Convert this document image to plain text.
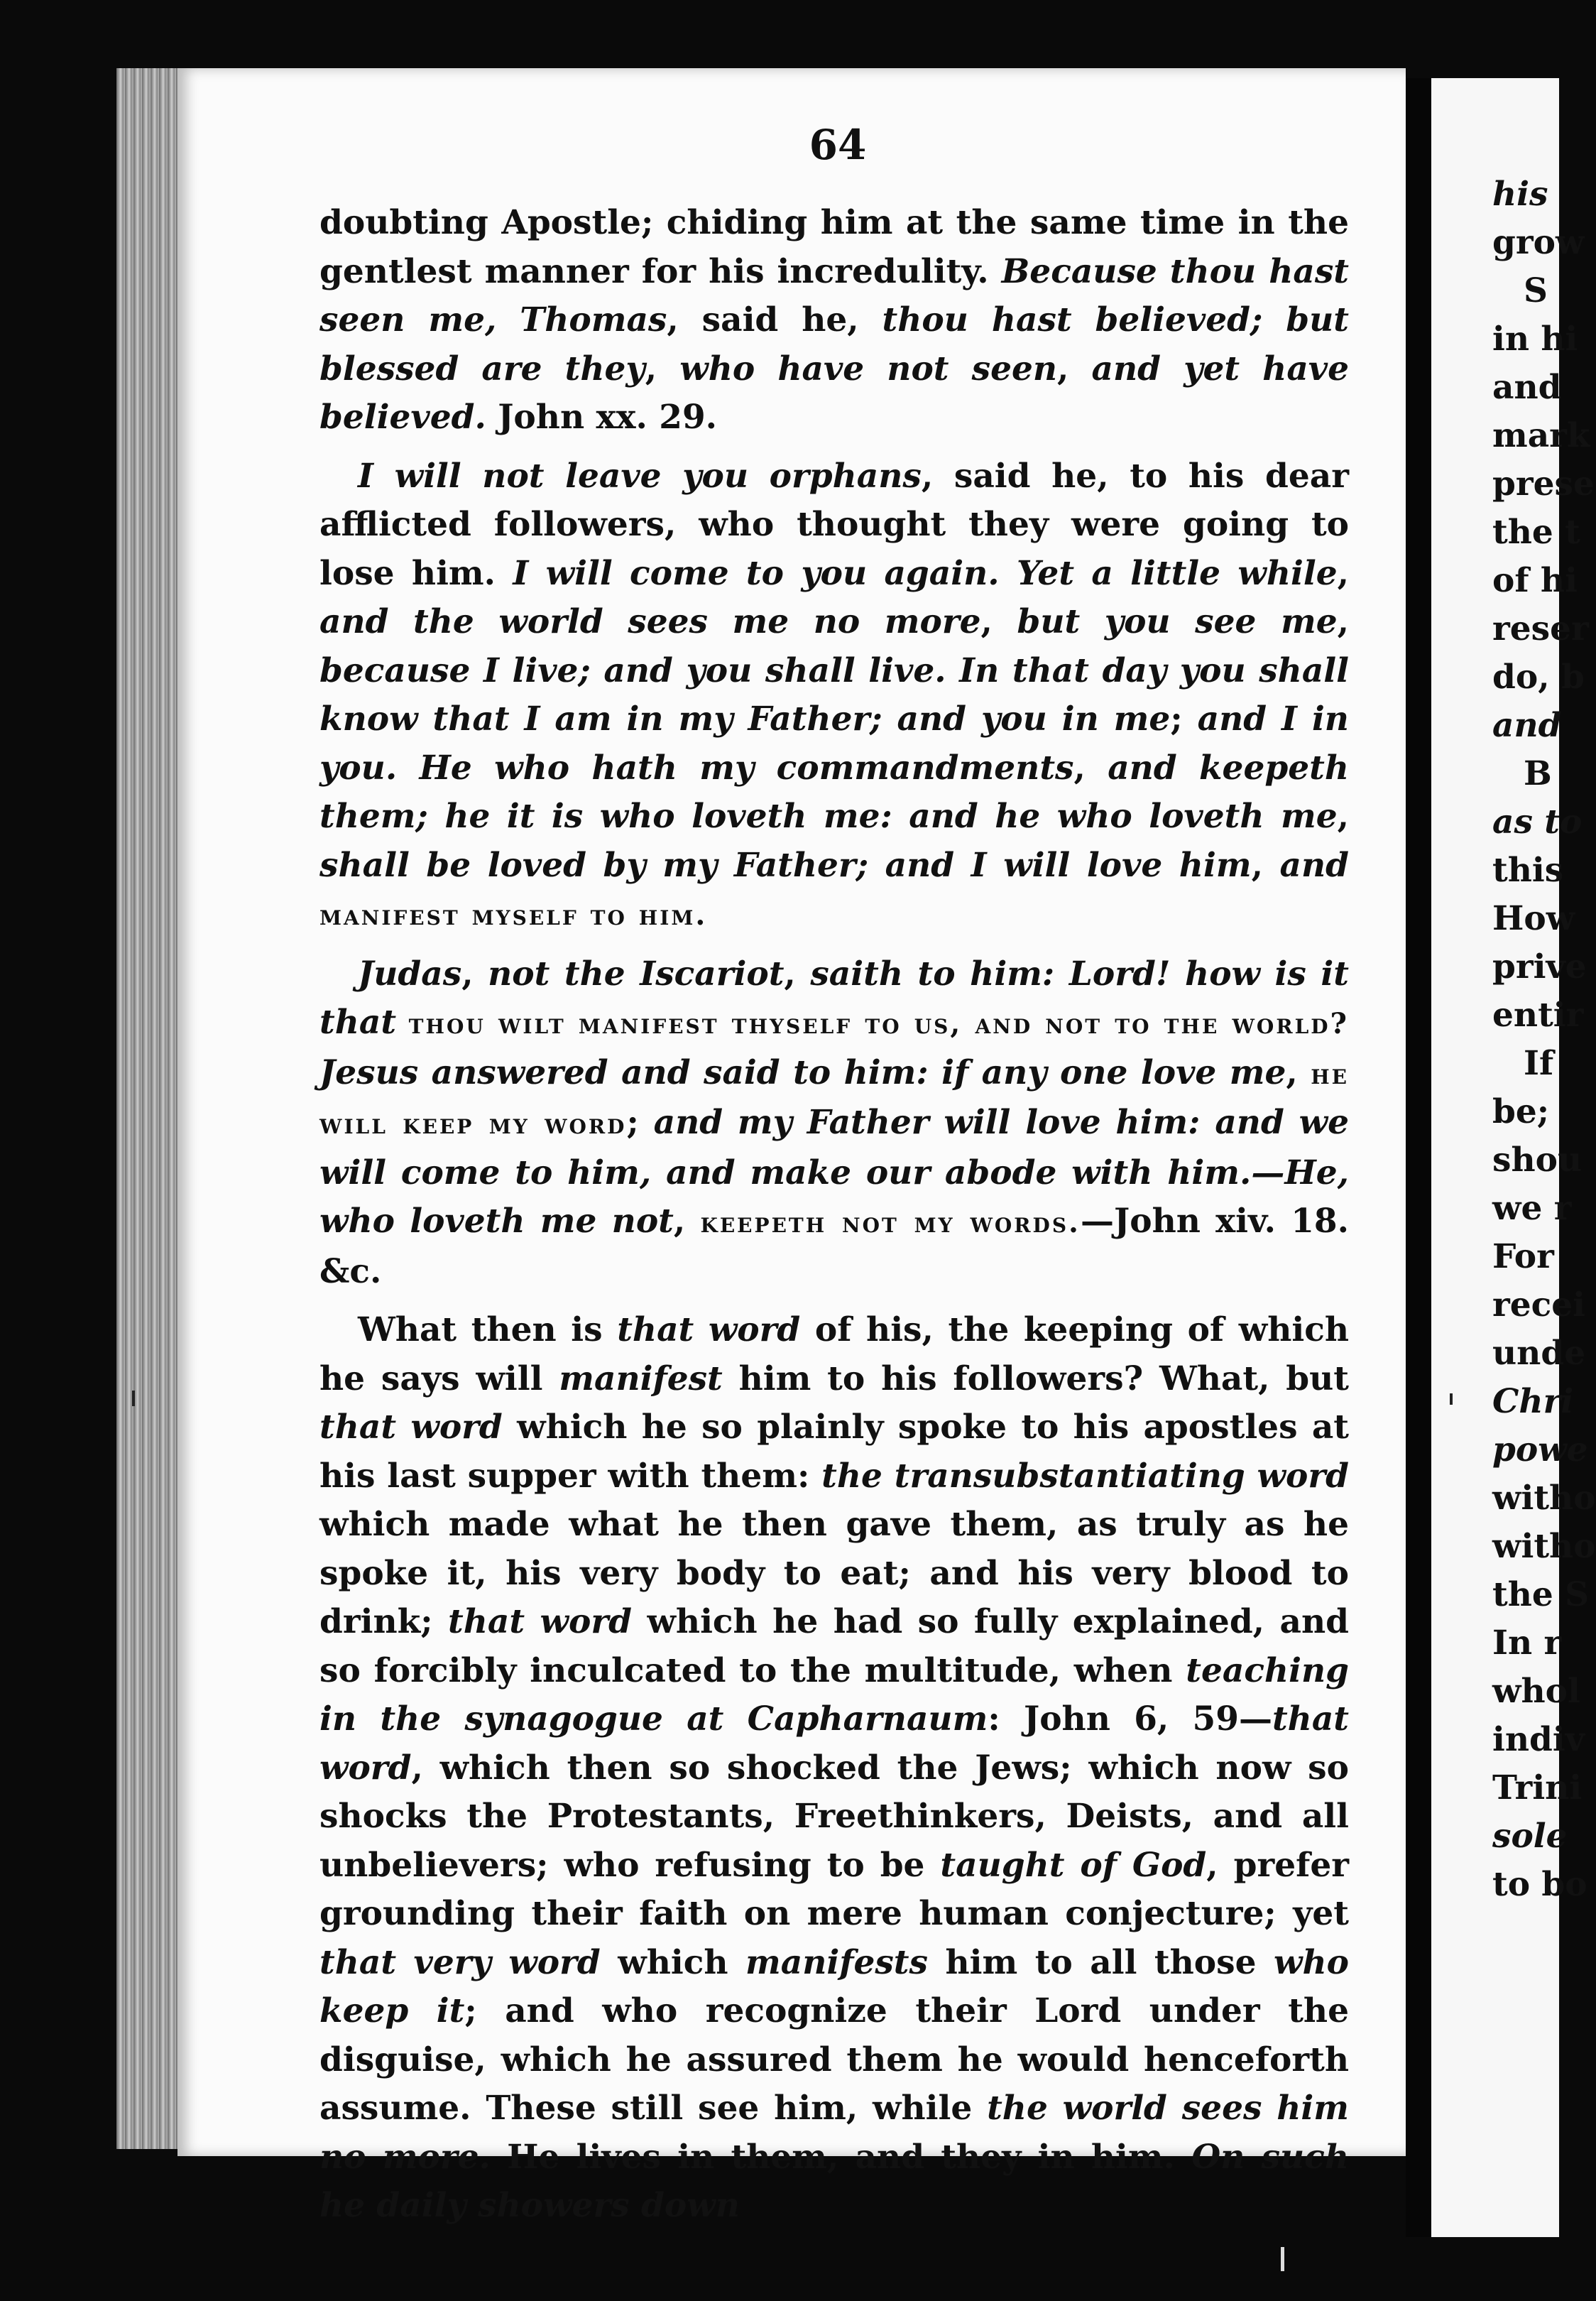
his
grow
S
in hi
and
mark
prese
the t
of hi
reser
do, b
and
B
as to
this
How
prive
entir
If
be;
shou
we r
For
recei
unde
Chri
powe
witho
witho
the S
In r
whol
indiv
Trini
sole
to bo
64

doubting Apostle; chiding him at the same time in the gentlest manner for his incredulity. Because thou hast seen me, Thomas, said he, thou hast believed; but blessed are they, who have not seen, and yet have believed. John xx. 29.

I will not leave you orphans, said he, to his dear afflicted followers, who thought they were going to lose him. I will come to you again. Yet a little while, and the world sees me no more, but you see me, because I live; and you shall live. In that day you shall know that I am in my Father; and you in me; and I in you. He who hath my commandments, and keepeth them; he it is who loveth me: and he who loveth me, shall be loved by my Father; and I will love him, and manifest myself to him.

Judas, not the Iscariot, saith to him: Lord! how is it that thou wilt manifest thyself to us, and not to the world? Jesus answered and said to him: if any one love me, he will keep my word; and my Father will love him: and we will come to him, and make our abode with him.—He, who loveth me not, keepeth not my words.—John xiv. 18. &c.

What then is that word of his, the keeping of which he says will manifest him to his followers? What, but that word which he so plainly spoke to his apostles at his last supper with them: the transubstantiating word which made what he then gave them, as truly as he spoke it, his very body to eat; and his very blood to drink; that word which he had so fully explained, and so forcibly inculcated to the multitude, when teaching in the synagogue at Capharnaum: John 6, 59—that word, which then so shocked the Jews; which now so shocks the Protestants, Freethinkers, Deists, and all unbelievers; who refusing to be taught of God, prefer grounding their faith on mere human conjecture; yet that very word which manifests him to all those who keep it; and who recognize their Lord under the disguise, which he assured them he would henceforth assume. These still see him, while the world sees him no more. He lives in them, and they in him. On such he daily showers down
